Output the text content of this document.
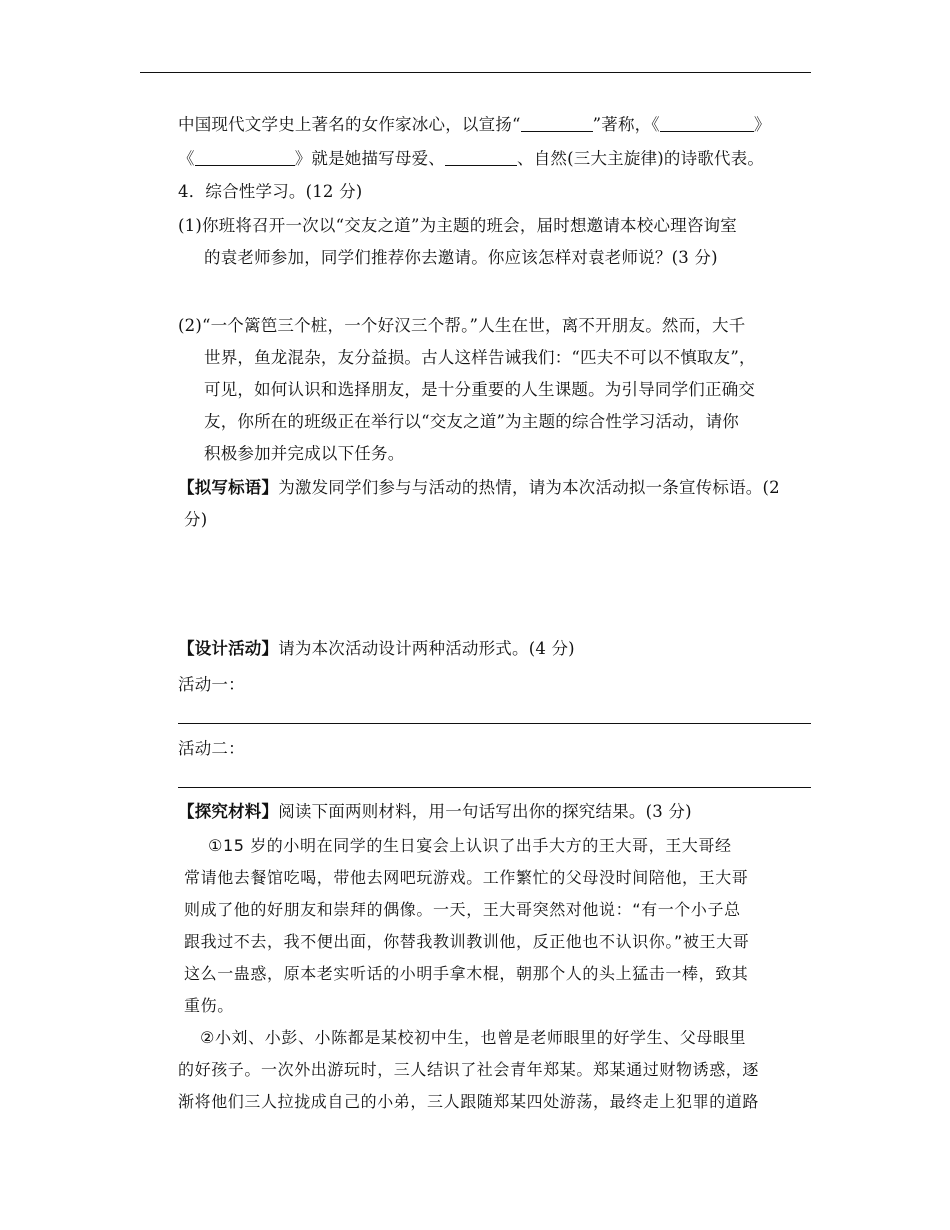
中国现代文学史上著名的女作家冰心，以宣扬“	”著称，《	》
《	》就是她描写母爱、	、自然(三大主旋律)的诗歌代表。
4．综合性学习。(12 分)
(1)你班将召开一次以“交友之道”为主题的班会，届时想邀请本校心理咨询室
的袁老师参加，同学们推荐你去邀请。你应该怎样对袁老师说？(3 分)
(2)“一个篱笆三个桩，一个好汉三个帮。”人生在世，离不开朋友。然而，大千
世界，鱼龙混杂，友分益损。古人这样告诫我们：“匹夫不可以不慎取友”，
可见，如何认识和选择朋友，是十分重要的人生课题。为引导同学们正确交
友，你所在的班级正在举行以“交友之道”为主题的综合性学习活动，请你
积极参加并完成以下任务。
【拟写标语】为激发同学们参与与活动的热情，请为本次活动拟一条宣传标语。(2
分)
【设计活动】请为本次活动设计两种活动形式。(4 分)
活动一：
活动二：
【探究材料】阅读下面两则材料，用一句话写出你的探究结果。(3 分)
①15 岁的小明在同学的生日宴会上认识了出手大方的王大哥，王大哥经
常请他去餐馆吃喝，带他去网吧玩游戏。工作繁忙的父母没时间陪他，王大哥
则成了他的好朋友和崇拜的偶像。一天，王大哥突然对他说：“有一个小子总
跟我过不去，我不便出面，你替我教训教训他，反正他也不认识你。”被王大哥
这么一蛊惑，原本老实听话的小明手拿木棍，朝那个人的头上猛击一棒，致其
重伤。
②小刘、小彭、小陈都是某校初中生，也曾是老师眼里的好学生、父母眼里
的好孩子。一次外出游玩时，三人结识了社会青年郑某。郑某通过财物诱惑，逐
渐将他们三人拉拢成自己的小弟，三人跟随郑某四处游荡，最终走上犯罪的道路
